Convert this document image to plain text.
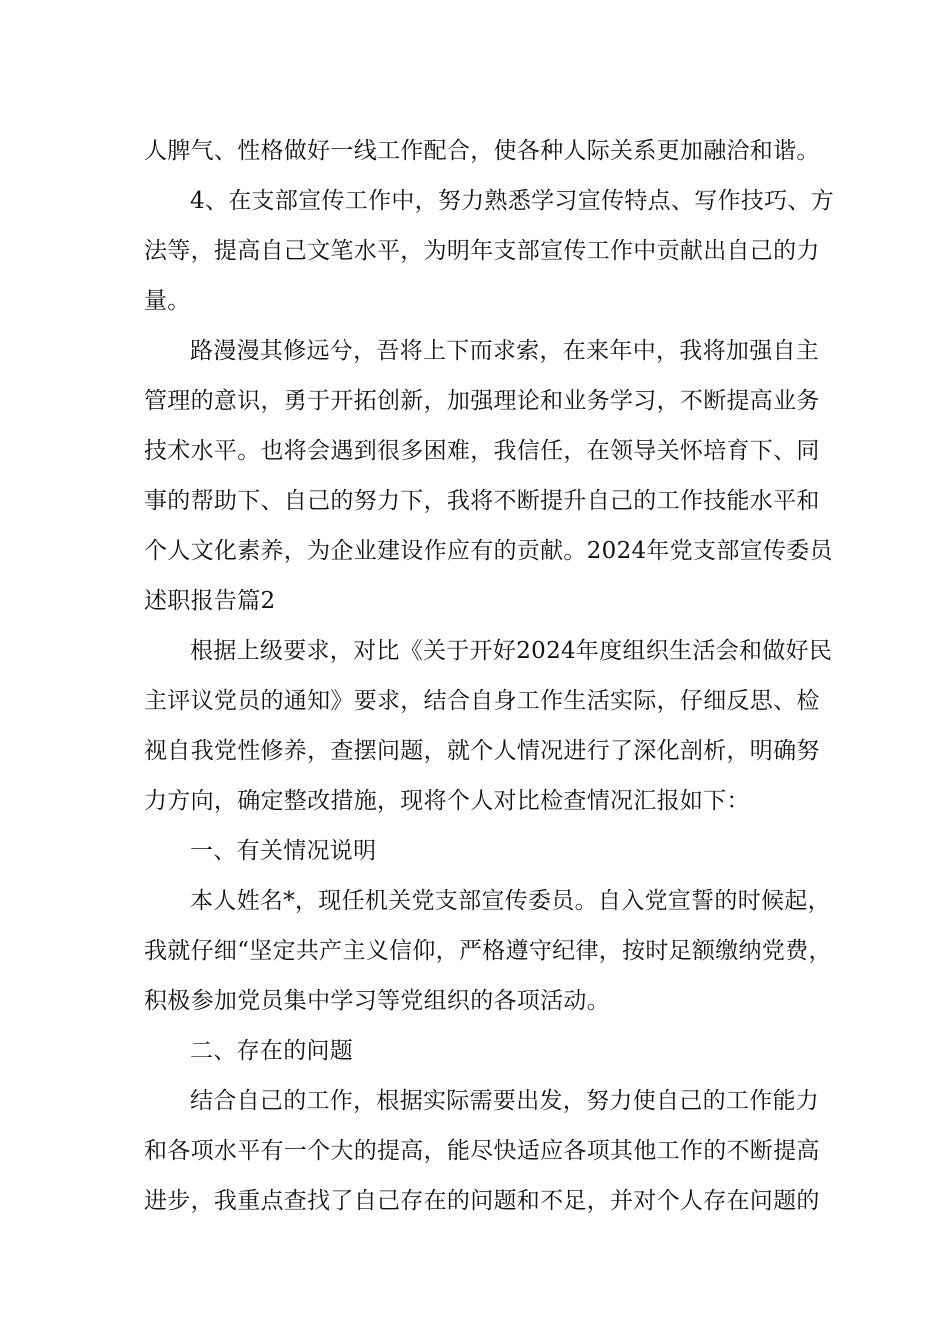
人脾气、性格做好一线工作配合，使各种人际关系更加融洽和谐。
4、在支部宣传工作中，努力熟悉学习宣传特点、写作技巧、方
法等，提高自己文笔水平，为明年支部宣传工作中贡献出自己的力
量。
路漫漫其修远兮，吾将上下而求索，在来年中，我将加强自主
管理的意识，勇于开拓创新，加强理论和业务学习，不断提高业务
技术水平。也将会遇到很多困难，我信任，在领导关怀培育下、同
事的帮助下、自己的努力下，我将不断提升自己的工作技能水平和
个人文化素养，为企业建设作应有的贡献。2024年党支部宣传委员
述职报告篇2
根据上级要求，对比《关于开好2024年度组织生活会和做好民
主评议党员的通知》要求，结合自身工作生活实际，仔细反思、检
视自我党性修养，查摆问题，就个人情况进行了深化剖析，明确努
力方向，确定整改措施，现将个人对比检查情况汇报如下：
一、有关情况说明
本人姓名*，现任机关党支部宣传委员。自入党宣誓的时候起，
我就仔细“坚定共产主义信仰，严格遵守纪律，按时足额缴纳党费，
积极参加党员集中学习等党组织的各项活动。
二、存在的问题
结合自己的工作，根据实际需要出发，努力使自己的工作能力
和各项水平有一个大的提高，能尽快适应各项其他工作的不断提高
进步，我重点查找了自己存在的问题和不足，并对个人存在问题的
